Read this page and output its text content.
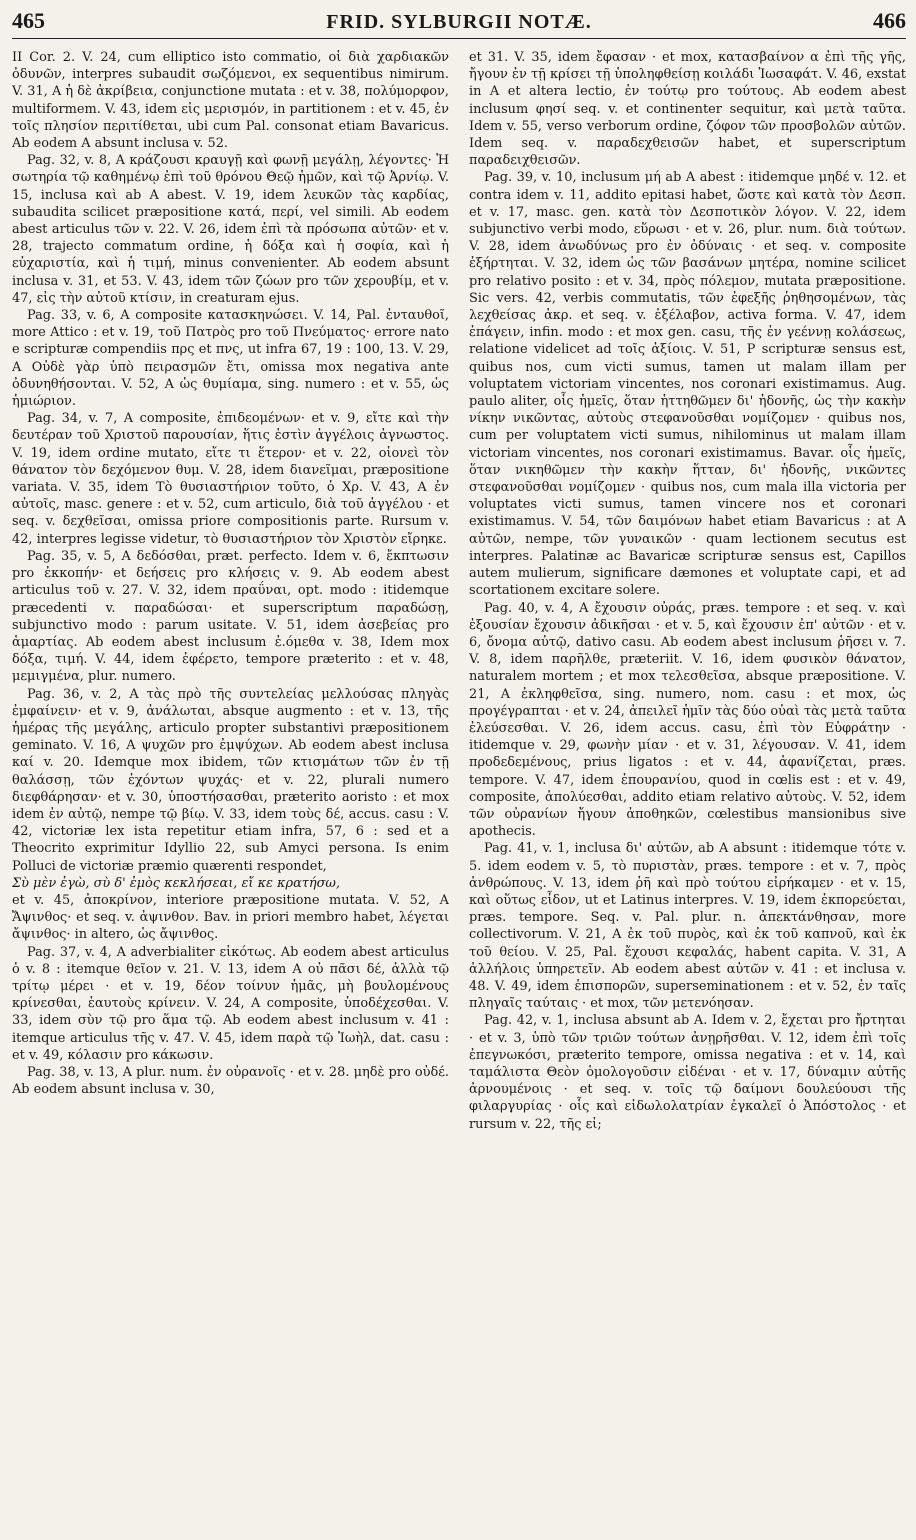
465	FRID. SYLBURGII NOTÆ.	466

II Cor. 2. V. 24, cum elliptico isto commatio, οἱ διὰ χαρδιακῶν ὀδυνῶν, interpres subaudit σωζόμενοι, ex sequentibus nimirum. V. 31, A ἡ δὲ ἀκρίβεια, conjunctione mutata : et v. 38, πολύμορφον, multiformem. V. 43, idem εἰς μερισμόν, in partitionem : et v. 45, ἐν τοῖς πλησίον περιτίθεται, ubi cum Pal. consonat etiam Bavaricus. Ab eodem A absunt inclusa v. 52.

Pag. 32, v. 8, A κράζουσι κραυγῇ καὶ φωνῇ μεγάλῃ, λέγοντες· Ἡ σωτηρία τῷ καθημένῳ ἐπὶ τοῦ θρόνου Θεῷ ἡμῶν, καὶ τῷ Ἀρνίῳ. V. 15, inclusa καὶ ab A abest. V. 19, idem λευκῶν τὰς καρδίας, subaudita scilicet præpositione κατά, περί, vel simili. Ab eodem abest articulus τῶν v. 22. V. 26, idem ἐπὶ τὰ πρόσωπα αὐτῶν· et v. 28, trajecto commatum ordine, ἡ δόξα καὶ ἡ σοφία, καὶ ἡ εὐχαριστία, καὶ ἡ τιμή, minus convenienter. Ab eodem absunt inclusa v. 31, et 53. V. 43, idem τῶν ζώων pro τῶν χερουβίμ, et v. 47, εἰς τὴν αὐτοῦ κτίσιν, in creaturam ejus.

Pag. 33, v. 6, A composite κατασκηνώσει. V. 14, Pal. ἐνταυθοῖ, more Attico : et v. 19, τοῦ Πατρὸς pro τοῦ Πνεύματος· errore nato e scripturæ compendiis πρς et πνς, ut infra 67, 19 : 100, 13. V. 29, A Οὐδὲ γὰρ ὑπὸ πειρασμῶν ἔτι, omissa mox negativa ante ὀδυνηθήσονται. V. 52, A ὡς θυμίαμα, sing. numero : et v. 55, ὡς ἡμιώριον.

Pag. 34, v. 7, A composite, ἐπιδεομένων· et v. 9, εἴτε καὶ τὴν δευτέραν τοῦ Χριστοῦ παρουσίαν, ἥτις ἐστὶν ἀγγέλοις ἀγνωστος. V. 19, idem ordine mutato, εἴτε τι ἕτερον· et v. 22, οἱονεὶ τὸν θάνατον τὸν δεχόμενον θυμ. V. 28, idem διανεῖμαι, præpositione variata. V. 35, idem Τὸ θυσιαστήριον τοῦτο, ὁ Χρ. V. 43, A ἐν αὐτοῖς, masc. genere : et v. 52, cum articulo, διὰ τοῦ ἀγγέλου · et seq. v. δεχθεῖσαι, omissa priore compositionis parte. Rursum v. 42, interpres legisse videtur, τὸ θυσιαστήριον τὸν Χριστὸν εἴρηκε.

Pag. 35, v. 5, A δεδόσθαι, præt. perfecto. Idem v. 6, ἔκπτωσιν pro ἐκκοπήν· et δεήσεις pro κλήσεις v. 9. Ab eodem abest articulus τοῦ v. 27. V. 32, idem πραΰναι, opt. modo : itidemque præcedenti v. παραδώσαι· et superscriptum παραδώσῃ, subjunctivo modo : parum usitate. V. 51, idem ἀσεβείας pro ἁμαρτίας. Ab eodem abest inclusum ἐ.όμεθα v. 38, Idem mox δόξα, τιμή. V. 44, idem ἐφέρετο, tempore præterito : et v. 48, μεμιγμένα, plur. numero.

Pag. 36, v. 2, A τὰς πρὸ τῆς συντελείας μελλούσας πληγὰς ἐμφαίνειν· et v. 9, ἀνάλωται, absque augmento : et v. 13, τῆς ἡμέρας τῆς μεγάλης, articulo propter substantivi præpositionem geminato. V. 16, A ψυχῶν pro ἐμψύχων. Ab eodem abest inclusa καί v. 20. Idemque mox ibidem, τῶν κτισμάτων τῶν ἐν τῇ θαλάσσῃ, τῶν ἐχόντων ψυχάς· et v. 22, plurali numero διεφθάρησαν· et v. 30, ὑποστήσασθαι, præterito aoristo : et mox idem ἐν αὐτῷ, nempe τῷ βίῳ. V. 33, idem τοὺς δέ, accus. casu : V. 42, victoriæ lex ista repetitur etiam infra, 57, 6 : sed et a Theocrito exprimitur Idyllio 22, sub Amyci persona. Is enim Polluci de victoriæ præmio quærenti respondet,

Σὺ μὲν ἐγὼ, σὺ δ' ἐμὸς κεκλήσεαι, εἴ κε κρατήσω,

et v. 45, ἀποκρίνον, interiore præpositione mutata. V. 52, A Ἄψινθος· et seq. v. ἀψινθον. Bav. in priori membro habet, λέγεται ἄψινθος· in altero, ὡς ἄψινθος.

Pag. 37, v. 4, A adverbialiter εἰκότως. Ab eodem abest articulus ὁ v. 8 : itemque θεῖον v. 21. V. 13, idem A οὐ πᾶσι δέ, ἀλλὰ τῷ τρίτῳ μέρει · et v. 19, δέον τοίνυν ἡμᾶς, μὴ βουλομένους κρίνεσθαι, ἑαυτοὺς κρίνειν. V. 24, A composite, ὑποδέχεσθαι. V. 33, idem σὺν τῷ pro ἅμα τῷ. Ab eodem abest inclusum v. 41 : itemque articulus τῆς v. 47. V. 45, idem παρὰ τῷ Ἰωὴλ, dat. casu : et v. 49, κόλασιν pro κάκωσιν.

Pag. 38, v. 13, A plur. num. ἐν οὐρανοῖς · et v. 28. μηδὲ pro οὐδέ. Ab eodem absunt inclusa v. 30,

et 31. V. 35, idem ἔφασαν · et mox, κατασβαίνον α ἐπὶ τῆς γῆς, ἤγουν ἐν τῇ κρίσει τῇ ὑποληφθείσῃ κοιλάδι Ἰωσαφάτ. V. 46, exstat in A et altera lectio, ἐν τούτῳ pro τούτους. Ab eodem abest inclusum φησί seq. v. et continenter sequitur, καὶ μετὰ ταῦτα. Idem v. 55, verso verborum ordine, ζόφον τῶν προσβολῶν αὐτῶν. Idem seq. v. παραδεχθεισῶν habet, et superscriptum παραδειχθεισῶν.

Pag. 39, v. 10, inclusum μή ab A abest : itidemque μηδέ v. 12. et contra idem v. 11, addito epitasi habet, ὥστε καὶ κατὰ τὸν Δεσπ. et v. 17, masc. gen. κατὰ τὸν Δεσποτικὸν λόγον. V. 22, idem subjunctivo verbi modo, εὕρωσι · et v. 26, plur. num. διὰ τούτων. V. 28, idem ἀνωδύνως pro ἐν ὀδύναις · et seq. v. composite ἐξήρτηται. V. 32, idem ὡς τῶν βασάνων μητέρα, nomine scilicet pro relativo posito : et v. 34, πρὸς πόλεμον, mutata præpositione. Sic vers. 42, verbis commutatis, τῶν ἐφεξῆς ῥηθησομένων, τὰς λεχθείσας ἀκρ. et seq. v. ἐξέλαβον, activa forma. V. 47, idem ἐπάγειν, infin. modo : et mox gen. casu, τῆς ἐν γεέννῃ κολάσεως, relatione videlicet ad τοῖς ἀξίοις. V. 51, P scripturæ sensus est, quibus nos, cum victi sumus, tamen ut malam illam per voluptatem victoriam vincentes, nos coronari existimamus. Aug. paulo aliter, οἷς ἡμεῖς, ὅταν ἡττηθῶμεν δι' ἡδονῆς, ὡς τὴν κακὴν νίκην νικῶντας, αὐτοὺς στεφανοῦσθαι νομίζομεν · quibus nos, cum per voluptatem victi sumus, nihilominus ut malam illam victoriam vincentes, nos coronari existimamus. Bavar. οἷς ἡμεῖς, ὅταν νικηθῶμεν τὴν κακὴν ἥτταν, δι' ἡδονῆς, νικῶντες στεφανοῦσθαι νομίζομεν · quibus nos, cum mala illa victoria per voluptates victi sumus, tamen vincere nos et coronari existimamus. V. 54, τῶν δαιμόνων habet etiam Bavaricus : at A αὐτῶν, nempe, τῶν γυναικῶν · quam lectionem secutus est interpres. Palatinæ ac Bavaricæ scripturæ sensus est, Capillos autem mulierum, significare dæmones et voluptate capi, et ad scortationem excitare solere.

Pag. 40, v. 4, A ἔχουσιν οὐράς, præs. tempore : et seq. v. καὶ ἐξουσίαν ἔχουσιν ἀδικῆσαι · et v. 5, καὶ ἔχουσιν ἐπ' αὐτῶν · et v. 6, ὄνομα αὐτῷ, dativo casu. Ab eodem abest inclusum ῥῆσει v. 7. V. 8, idem παρῆλθε, præteriit. V. 16, idem φυσικὸν θάνατον, naturalem mortem ; et mox τελεσθεῖσα, absque præpositione. V. 21, A ἐκληφθεῖσα, sing. numero, nom. casu : et mox, ὡς προγέγραπται · et v. 24, ἀπειλεῖ ἡμῖν τὰς δύο οὐαὶ τὰς μετὰ ταῦτα ἐλεύσεσθαι. V. 26, idem accus. casu, ἐπὶ τὸν Εὐφράτην · itidemque v. 29, φωνὴν μίαν · et v. 31, λέγουσαν. V. 41, idem προδεδεμένους, prius ligatos : et v. 44, ἀφανίζεται, præs. tempore. V. 47, idem ἐπουρανίου, quod in cœlis est : et v. 49, composite, ἀπολύεσθαι, addito etiam relativo αὐτοὺς. V. 52, idem τῶν οὐρανίων ἤγουν ἀποθηκῶν, cœlestibus mansionibus sive apothecis.

Pag. 41, v. 1, inclusa δι' αὐτῶν, ab A absunt : itidemque τότε v. 5. idem eodem v. 5, τὸ πυριστὰν, præs. tempore : et v. 7, πρὸς ἀνθρώπους. V. 13, idem ῥῆ καὶ πρὸ τούτου εἰρήκαμεν · et v. 15, καὶ οὕτως εἶδον, ut et Latinus interpres. V. 19, idem ἐκπορεύεται, præs. tempore. Seq. v. Pal. plur. n. ἀπεκτάνθησαν, more collectivorum. V. 21, A ἐκ τοῦ πυρὸς, καὶ ἐκ τοῦ καπνοῦ, καὶ ἐκ τοῦ θείου. V. 25, Pal. ἔχουσι κεφαλάς, habent capita. V. 31, A ἀλλήλοις ὑπηρετεῖν. Ab eodem abest αὐτῶν v. 41 : et inclusa v. 48. V. 49, idem ἐπισπορῶν, superseminationem : et v. 52, ἐν ταῖς πληγαῖς ταύταις · et mox, τῶν μετενόησαν.

Pag. 42, v. 1, inclusa absunt ab A. Idem v. 2, ἔχεται pro ἤρτηται · et v. 3, ὑπὸ τῶν τριῶν τούτων ἀνῃρῆσθαι. V. 12, idem ἐπὶ τοῖς ἐπεγνωκόσι, præterito tempore, omissa negativa : et v. 14, καὶ ταμάλιστα Θεὸν ὁμολογοῦσιν εἰδέναι · et v. 17, δύναμιν αὐτῆς ἀρνουμένοις · et seq. v. τοῖς τῷ δαίμονι δουλεύουσι τῆς φιλαργυρίας · οἷς καὶ εἰδωλολατρίαν ἐγκαλεῖ ὁ Ἀπόστολος · et rursum v. 22, τῆς εἰ;
